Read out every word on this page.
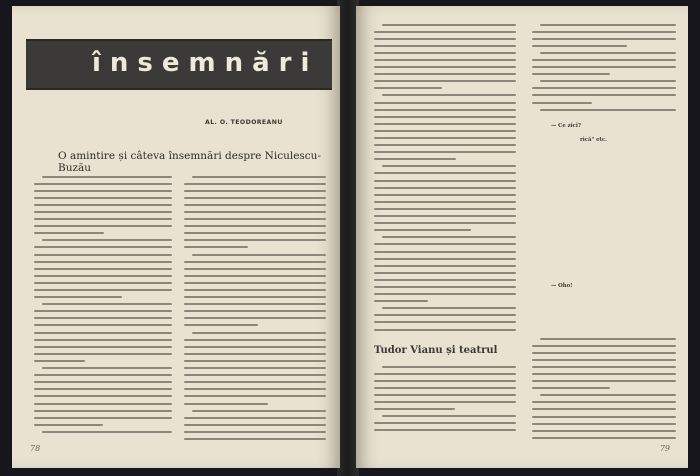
însemnări
AL. O. TEODOREANU
O amintire și câteva însemnări despre Niculescu-Buzău
78
Tudor Vianu și teatrul
— Ce zici?
rică" etc.
— Oho!
79
